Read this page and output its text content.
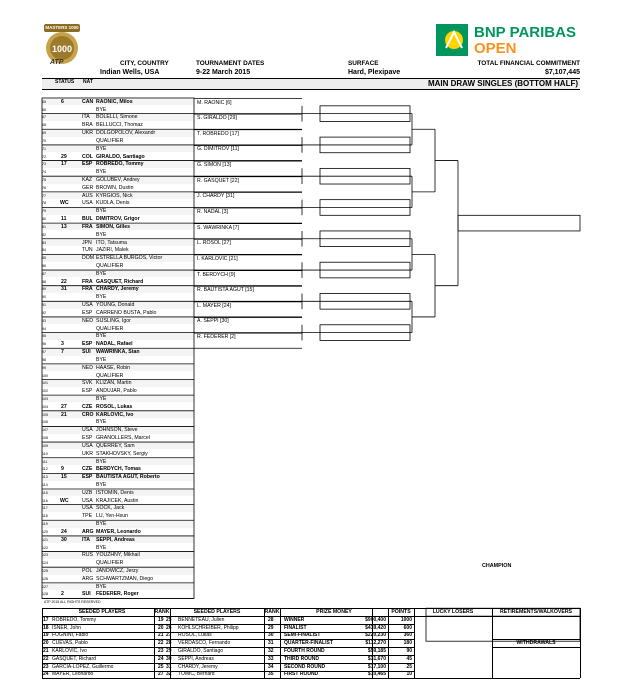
1000
MASTERS 1000
ATP
BNP PARIBAS
OPEN
CITY, COUNTRY
Indian Wells, USA
TOURNAMENT DATES
9-22 March 2015
SURFACE
Hard, Plexipave
TOTAL FINANCIAL COMMITMENT
$7,107,445
MAIN DRAW SINGLES (BOTTOM HALF)
STATUS NAT
65	6	CAN RAONIC, Milos
66	BYE
67	ITA BOLELLI, Simone
68	BRA BELLUCCI, Thomaz
69	UKR DOLGOPOLOV, Alexandr
70	QUALIFIER
71	BYE
72	29	COL GIRALDO, Santiago
73	17	ESP ROBREDO, Tommy
74	BYE
75	KAZ GOLUBEV, Andrey
76	GER BROWN, Dustin
77	AUS KYRGIOS, Nick
78	WC	USA KUDLA, Denis
79	BYE
80	11	BUL DIMITROV, Grigor
81	13	FRA SIMON, Gilles
82	BYE
83	JPN ITO, Tatsuma
84	TUN JAZIRI, Malek
85	DOM ESTRELLA BURGOS, Victor
86	QUALIFIER
87	BYE
88	22	FRA GASQUET, Richard
89	31	FRA CHARDY, Jeremy
90	BYE
91	USA YOUNG, Donald
92	ESP CARRENO BUSTA, Pablo
93	NED SIJSLING, Igor
94	QUALIFIER
95	BYE
96	3	ESP NADAL, Rafael
97	7	SUI WAWRINKA, Stan
98	BYE
99	NED HAASE, Robin
100	QUALIFIER
101	SVK KLIZAN, Martin
102	ESP ANDUJAR, Pablo
103	BYE
104	27	CZE ROSOL, Lukas
105	21	CRO KARLOVIC, Ivo
106	BYE
107	USA JOHNSON, Steve
108	ESP GRANOLLERS, Marcel
109	USA QUERREY, Sam
110	UKR STAKHOVSKY, Sergiy
111	BYE
112	9	CZE BERDYCH, Tomas
113	15	ESP BAUTISTA AGUT, Roberto
114	BYE
115	UZB ISTOMIN, Denis
116 WC	USA KRAJICEK, Austin
117	USA SOCK, Jack
118	TPE LU, Yen-Hsun
119	BYE
120	24	ARG MAYER, Leonardo
121	30	ITA SEPPI, Andreas
122	BYE
123	RUS YOUZHNY, Mikhail
124	QUALIFIER
125	POL JANOWICZ, Jerzy
126	ARG SCHWARTZMAN, Diego
127	BYE
128	2	SUI FEDERER, Roger
M. RAONIC [6]
S. GIRALDO [29]
T. ROBREDO [17]
G. DIMITROV [11]
G. SIMON [13]
R. GASQUET [22]
J. CHARDY [31]
R. NADAL [3]
S. WAWRINKA [7]
L. ROSOL [27]
I. KARLOVIC [21]
T. BERDYCH [9]
R. BAUTISTA AGUT [15]
L. MAYER [24]
A. SEPPI [30]
R. FEDERER [2]
CHAMPION
ATP 2015 ALL RIGHTS RESERVED
SEEDED PLAYERS	RANK	SEEDED PLAYERS	RANK	PRIZE MONEY	POINTS	LUCKY LOSERS	RETIREMENTS/WALKOVERS
WITHDRAWALS
17 ROBREDO, Tommy	19 25 BENNETEAU, Julien	28 WINNER	$900,400	1000
18 ISNER, John	20 26 KOHLSCHREIBER, Philipp	29 FINALIST	$439,420	600
19 FOGNINI, Fabio	21 27 ROSOL, Lukas	30 SEMI-FINALIST	$220,230	360
20 CUEVAS, Pablo	22 28 VERDASCO, Fernando	31 QUARTER-FINALIST	$112,270	180
21 KARLOVIC, Ivo	23 29 GIRALDO, Santiago	32 FOURTH ROUND	$59,185	90
22 GASQUET, Richard	24 30 SEPPI, Andreas	33 THIRD ROUND	$31,670	45
23 GARCIA-LOPEZ, Guillermo	25 31 CHARDY, Jeremy	34 SECOND ROUND	$17,100	25
24 MAYER, Leonardo	27 32 TOMIC, Bernard	35 FIRST ROUND	$10,465	10
